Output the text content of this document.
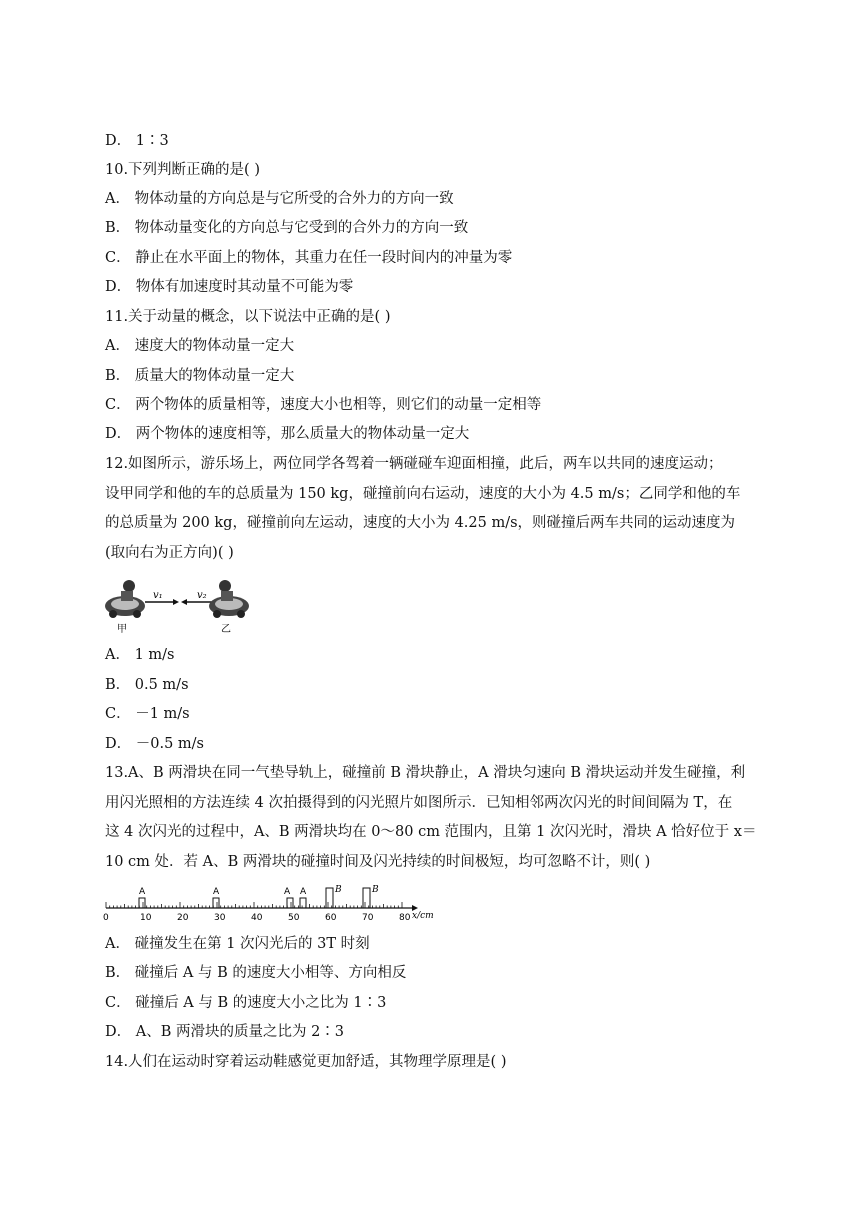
D． 1∶3
10.下列判断正确的是( )
A． 物体动量的方向总是与它所受的合外力的方向一致
B． 物体动量变化的方向总与它受到的合外力的方向一致
C． 静止在水平面上的物体，其重力在任一段时间内的冲量为零
D． 物体有加速度时其动量不可能为零
11.关于动量的概念，以下说法中正确的是( )
A． 速度大的物体动量一定大
B． 质量大的物体动量一定大
C． 两个物体的质量相等，速度大小也相等，则它们的动量一定相等
D． 两个物体的速度相等，那么质量大的物体动量一定大
12.如图所示，游乐场上，两位同学各驾着一辆碰碰车迎面相撞，此后，两车以共同的速度运动；
设甲同学和他的车的总质量为 150 kg，碰撞前向右运动，速度的大小为 4.5 m/s；乙同学和他的车
的总质量为 200 kg，碰撞前向左运动，速度的大小为 4.25 m/s，则碰撞后两车共同的运动速度为
(取向右为正方向)( )
v₁	v₂
甲	乙
A． 1 m/s
B． 0.5 m/s
C． －1 m/s
D． －0.5 m/s
13.A、B 两滑块在同一气垫导轨上，碰撞前 B 滑块静止，A 滑块匀速向 B 滑块运动并发生碰撞，利
用闪光照相的方法连续 4 次拍摄得到的闪光照片如图所示．已知相邻两次闪光的时间间隔为 T，在
这 4 次闪光的过程中，A、B 两滑块均在 0～80 cm 范围内，且第 1 次闪光时，滑块 A 恰好位于 x＝
10 cm 处．若 A、B 两滑块的碰撞时间及闪光持续的时间极短，均可忽略不计，则( )
0	10	20	30	40	50	60	70	80 x/cm
A	A	A A	B	B
A． 碰撞发生在第 1 次闪光后的 3T 时刻
B． 碰撞后 A 与 B 的速度大小相等、方向相反
C． 碰撞后 A 与 B 的速度大小之比为 1∶3
D． A、B 两滑块的质量之比为 2∶3
14.人们在运动时穿着运动鞋感觉更加舒适，其物理学原理是( )
